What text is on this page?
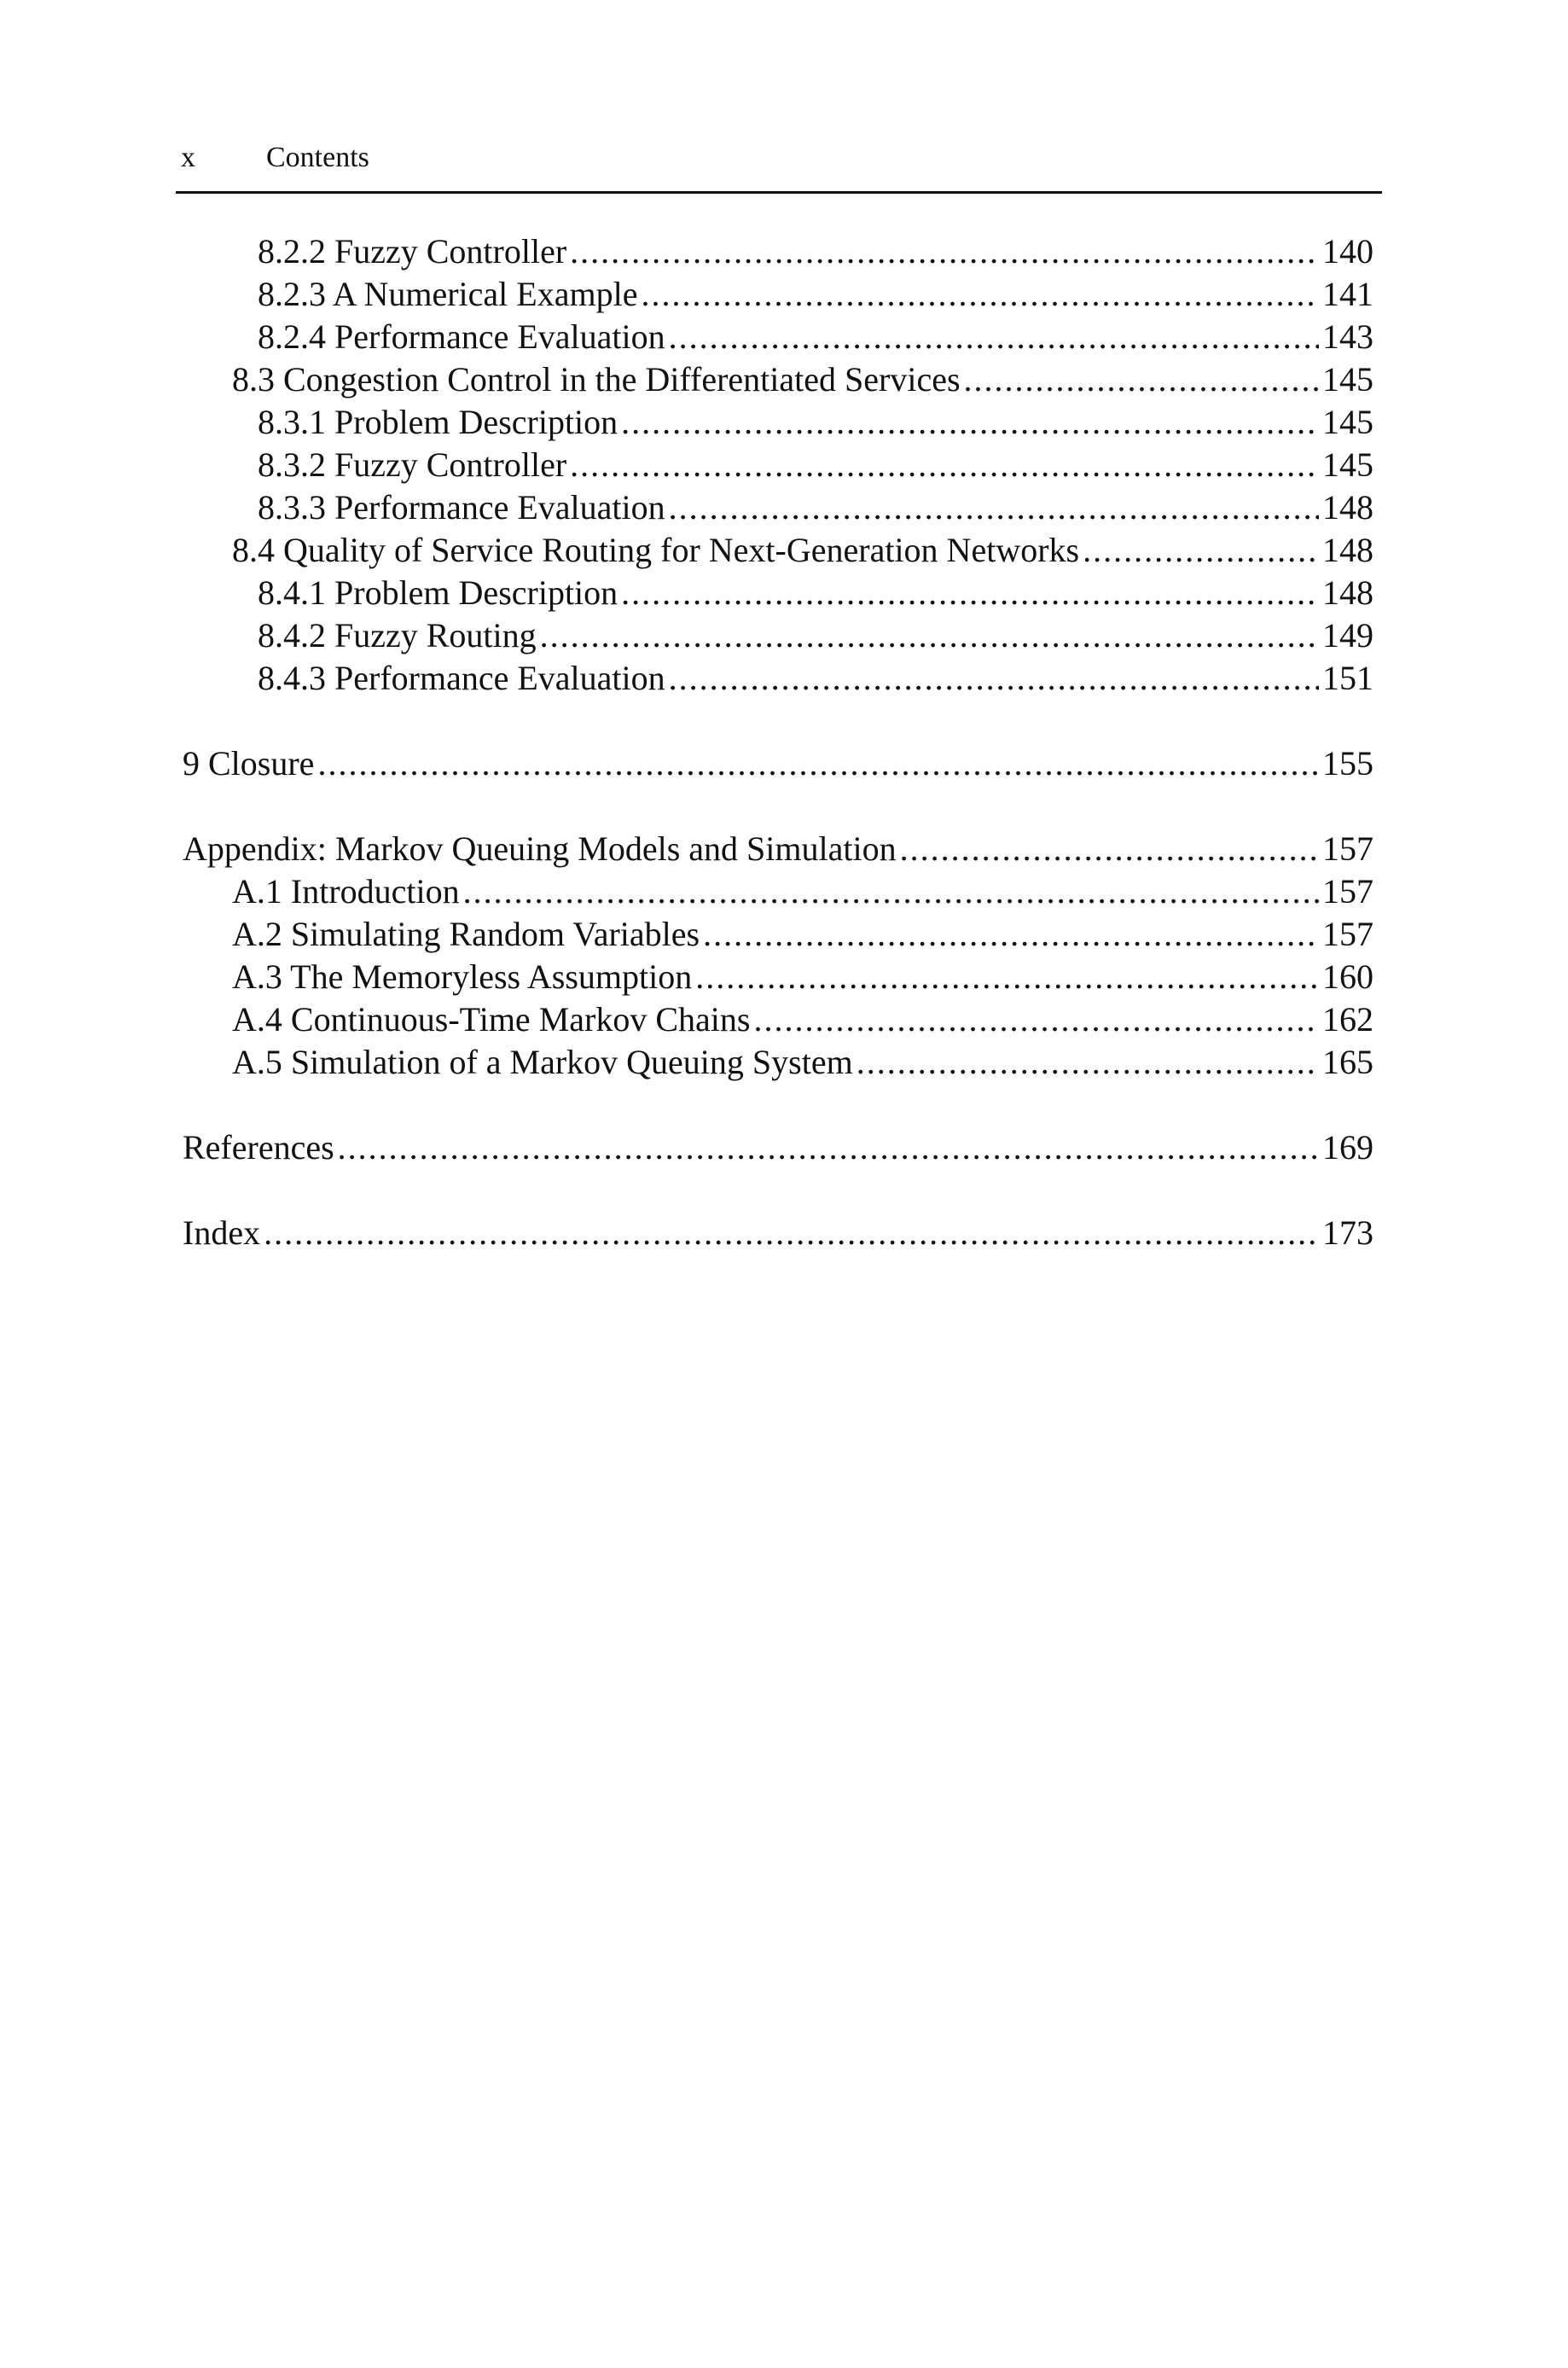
x Contents
8.2.2 Fuzzy Controller .....	140
8.2.3 A Numerical Example .....	141
8.2.4 Performance Evaluation .....	143
8.3 Congestion Control in the Differentiated Services .....	145
8.3.1 Problem Description .....	145
8.3.2 Fuzzy Controller .....	145
8.3.3 Performance Evaluation .....	148
8.4 Quality of Service Routing for Next-Generation Networks .....	148
8.4.1 Problem Description .....	148
8.4.2 Fuzzy Routing .....	149
8.4.3 Performance Evaluation .....	151
9 Closure .....	155
Appendix: Markov Queuing Models and Simulation .....	157
A.1 Introduction .....	157
A.2 Simulating Random Variables .....	157
A.3 The Memoryless Assumption .....	160
A.4 Continuous-Time Markov Chains .....	162
A.5 Simulation of a Markov Queuing System .....	165
References .....	169
Index .....	173
